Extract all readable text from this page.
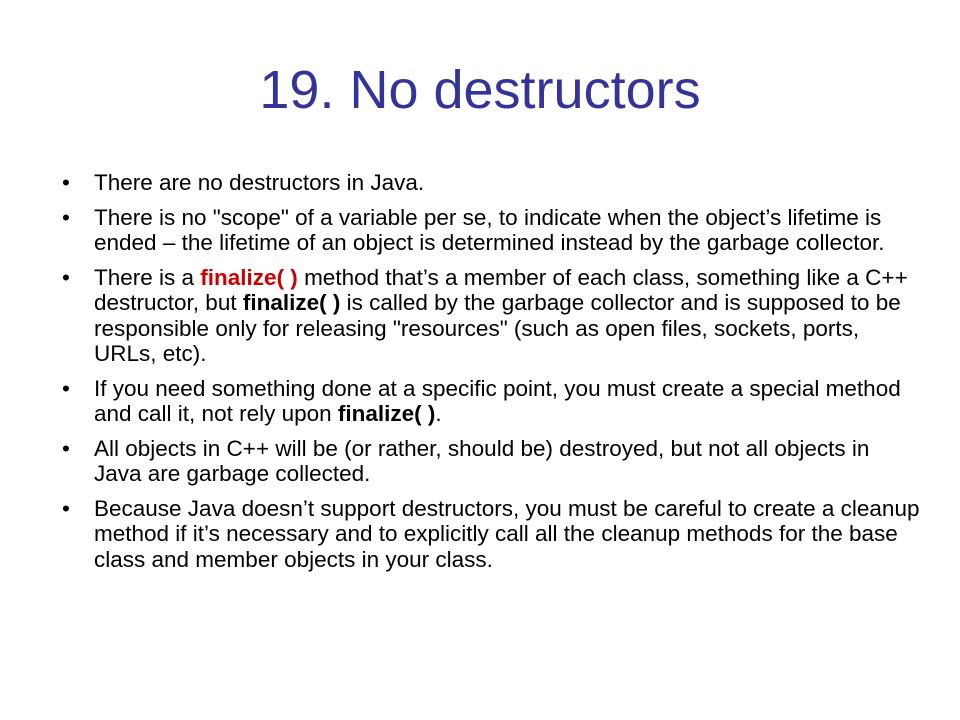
19. No destructors
•	There are no destructors in Java.
•	There is no "scope" of a variable per se, to indicate when the object’s lifetime is ended – the lifetime of an object is determined instead by the garbage collector.
•	There is a finalize( ) method that’s a member of each class, something like a C++ destructor, but finalize( ) is called by the garbage collector and is supposed to be responsible only for releasing "resources" (such as open files, sockets, ports, URLs, etc).
•	If you need something done at a specific point, you must create a special method and call it, not rely upon finalize( ).
•	All objects in C++ will be (or rather, should be) destroyed, but not all objects in Java are garbage collected.
•	Because Java doesn’t support destructors, you must be careful to create a cleanup method if it’s necessary and to explicitly call all the cleanup methods for the base class and member objects in your class.
